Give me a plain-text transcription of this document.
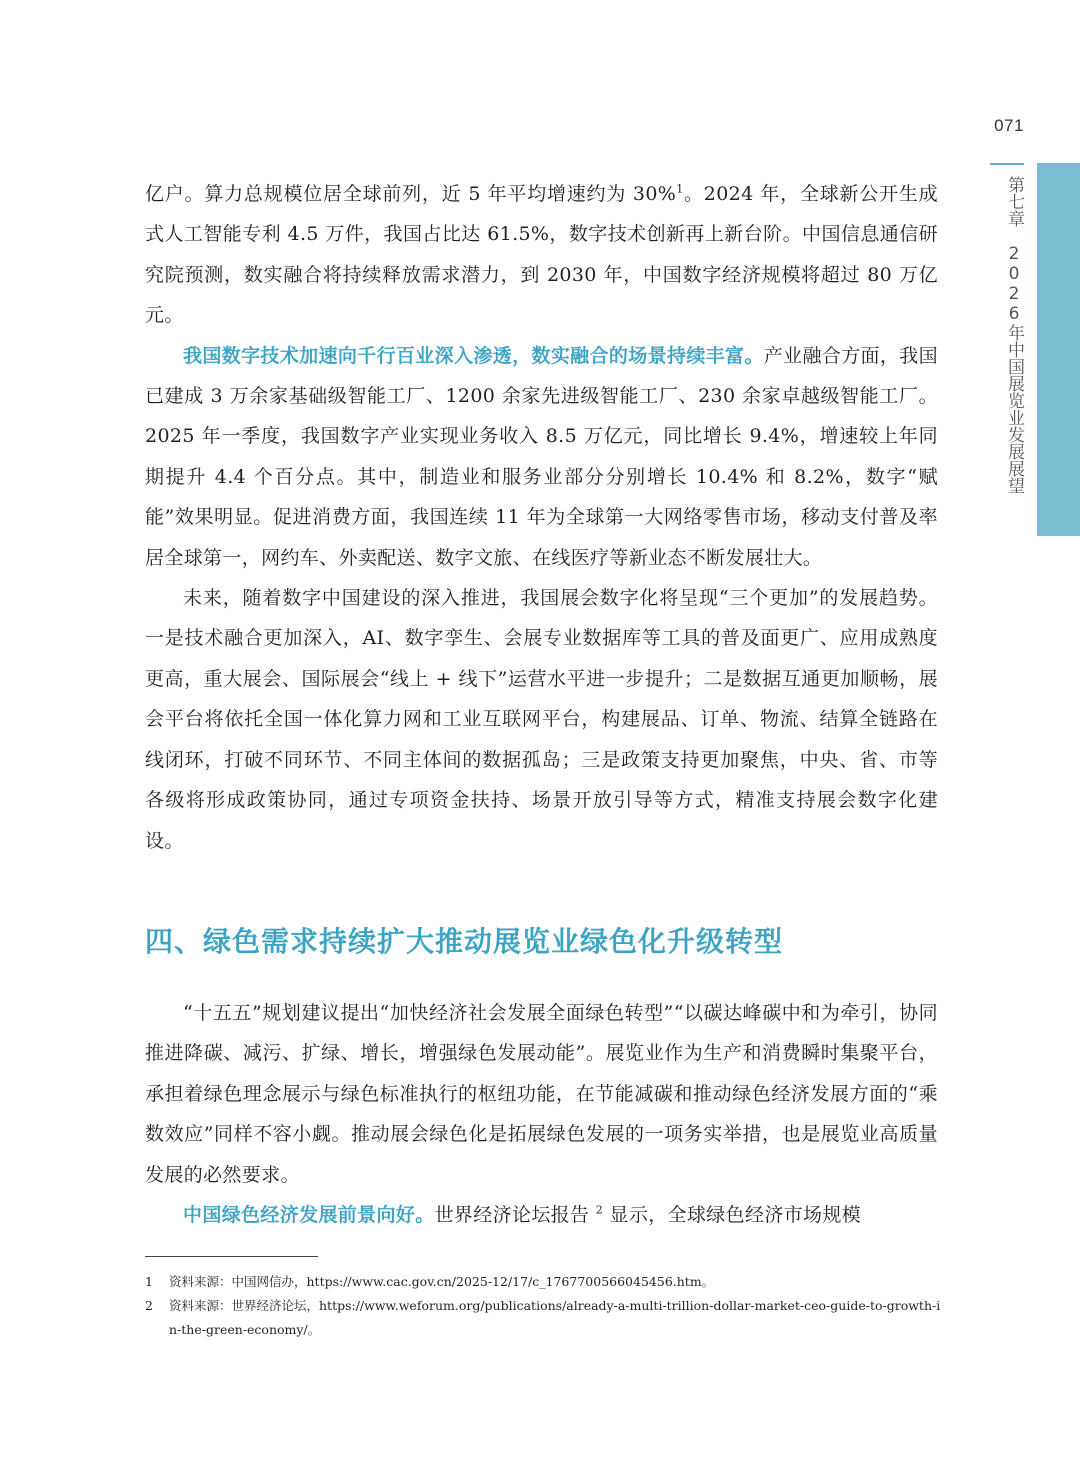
071
第七章　2026年中国展览业发展展望

亿户。算力总规模位居全球前列，近 5 年平均增速约为 30%$^1$。2024 年，全球新公开生成式人工智能专利 4.5 万件，我国占比达 61.5%，数字技术创新再上新台阶。中国信息通信研究院预测，数实融合将持续释放需求潜力，到 2030 年，中国数字经济规模将超过 80 万亿元。

我国数字技术加速向千行百业深入渗透，数实融合的场景持续丰富。产业融合方面，我国已建成 3 万余家基础级智能工厂、1200 余家先进级智能工厂、230 余家卓越级智能工厂。2025 年一季度，我国数字产业实现业务收入 8.5 万亿元，同比增长 9.4%，增速较上年同期提升 4.4 个百分点。其中，制造业和服务业部分分别增长 10.4% 和 8.2%，数字“赋能”效果明显。促进消费方面，我国连续 11 年为全球第一大网络零售市场，移动支付普及率居全球第一，网约车、外卖配送、数字文旅、在线医疗等新业态不断发展壮大。

未来，随着数字中国建设的深入推进，我国展会数字化将呈现“三个更加”的发展趋势。一是技术融合更加深入，AI、数字孪生、会展专业数据库等工具的普及面更广、应用成熟度更高，重大展会、国际展会“线上 + 线下”运营水平进一步提升；二是数据互通更加顺畅，展会平台将依托全国一体化算力网和工业互联网平台，构建展品、订单、物流、结算全链路在线闭环，打破不同环节、不同主体间的数据孤岛；三是政策支持更加聚焦，中央、省、市等各级将形成政策协同，通过专项资金扶持、场景开放引导等方式，精准支持展会数字化建设。

四、绿色需求持续扩大推动展览业绿色化升级转型

“十五五”规划建议提出“加快经济社会发展全面绿色转型”“以碳达峰碳中和为牵引，协同推进降碳、减污、扩绿、增长，增强绿色发展动能”。展览业作为生产和消费瞬时集聚平台，承担着绿色理念展示与绿色标准执行的枢纽功能，在节能减碳和推动绿色经济发展方面的“乘数效应”同样不容小觑。推动展会绿色化是拓展绿色发展的一项务实举措，也是展览业高质量发展的必然要求。

中国绿色经济发展前景向好。世界经济论坛报告 $^2$ 显示，全球绿色经济市场规模

1	资料来源：中国网信办，https://www.cac.gov.cn/2025-12/17/c_1767700566045456.htm。
2	资料来源：世界经济论坛，https://www.weforum.org/publications/already-a-multi-trillion-dollar-market-ceo-guide-to-growth-in-the-green-economy/。
